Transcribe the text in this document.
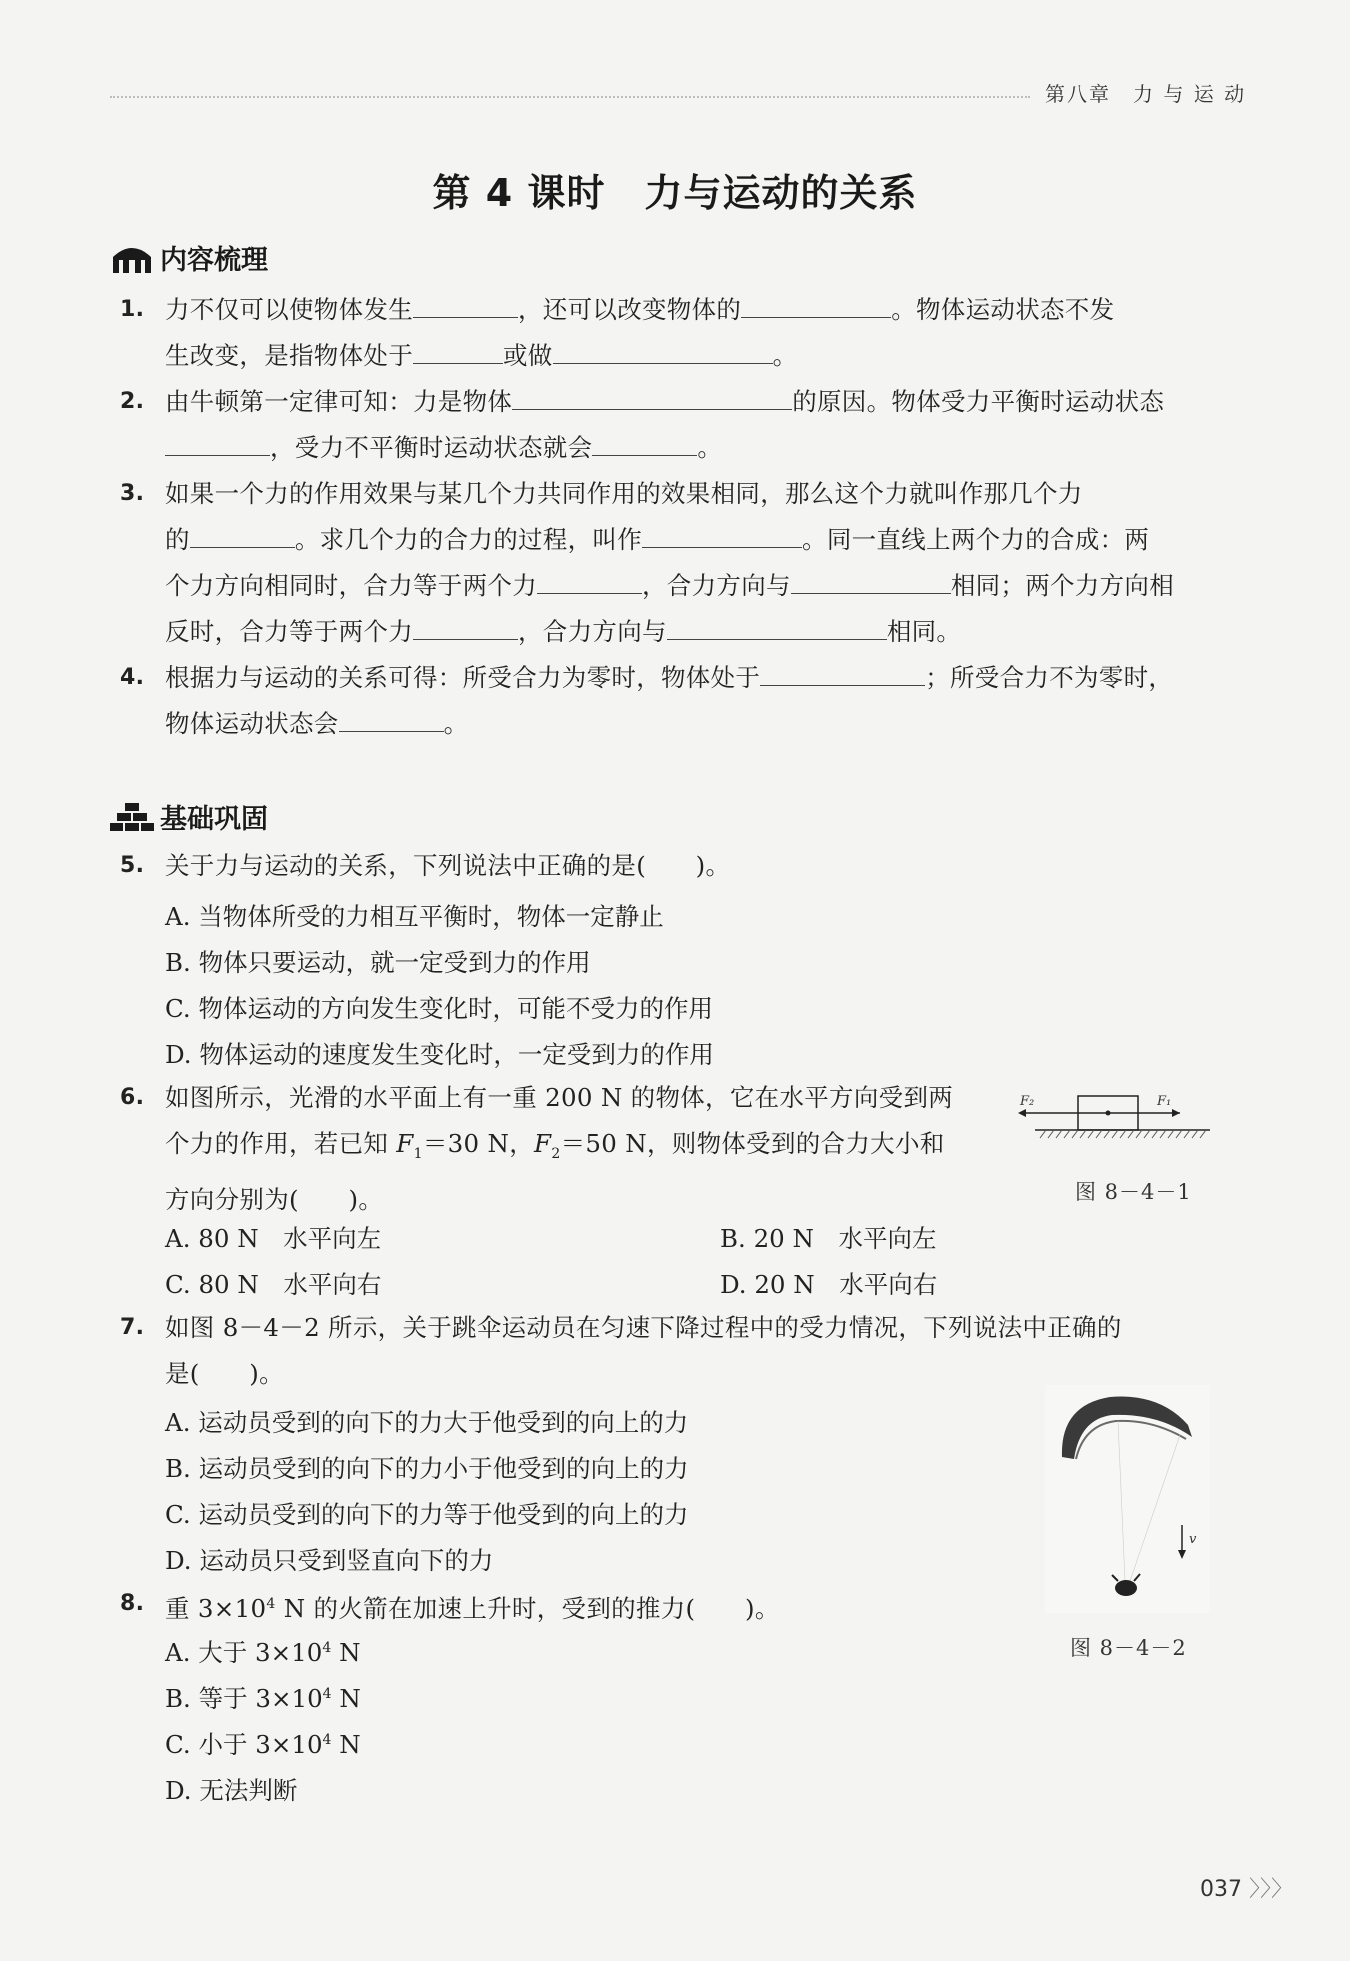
第八章　力 与 运 动
第 4 课时　力与运动的关系
内容梳理
1. 力不仅可以使物体发生	，还可以改变物体的	。物体运动状态不发
生改变，是指物体处于	或做	。
2. 由牛顿第一定律可知：力是物体	的原因。物体受力平衡时运动状态
，受力不平衡时运动状态就会	。
3. 如果一个力的作用效果与某几个力共同作用的效果相同，那么这个力就叫作那几个力
的	。求几个力的合力的过程，叫作	。同一直线上两个力的合成：两
个力方向相同时，合力等于两个力	，合力方向与	相同；两个力方向相
反时，合力等于两个力	，合力方向与	相同。
4. 根据力与运动的关系可得：所受合力为零时，物体处于	；所受合力不为零时，
物体运动状态会	。
基础巩固
5. 关于力与运动的关系，下列说法中正确的是(　　)。
A. 当物体所受的力相互平衡时，物体一定静止
B. 物体只要运动，就一定受到力的作用
C. 物体运动的方向发生变化时，可能不受力的作用
D. 物体运动的速度发生变化时，一定受到力的作用
6. 如图所示，光滑的水平面上有一重 200 N 的物体，它在水平方向受到两
个力的作用，若已知 $F_1=30$ N，$F_2=50$ N，则物体受到的合力大小和
方向分别为(　　)。
F₁
F₂
图 8－4－1
A. 80 N　水平向左	B. 20 N　水平向左
C. 80 N　水平向右	D. 20 N　水平向右
7. 如图 8－4－2 所示，关于跳伞运动员在匀速下降过程中的受力情况，下列说法中正确的
是(　　)。
A. 运动员受到的向下的力大于他受到的向上的力
B. 运动员受到的向下的力小于他受到的向上的力
C. 运动员受到的向下的力等于他受到的向上的力
D. 运动员只受到竖直向下的力
v
图 8－4－2
8. 重 $3\times 10^4$ N 的火箭在加速上升时，受到的推力(　　)。
A. 大于 $3\times 10^4$ N
B. 等于 $3\times 10^4$ N
C. 小于 $3\times 10^4$ N
D. 无法判断
037 〉〉〉
